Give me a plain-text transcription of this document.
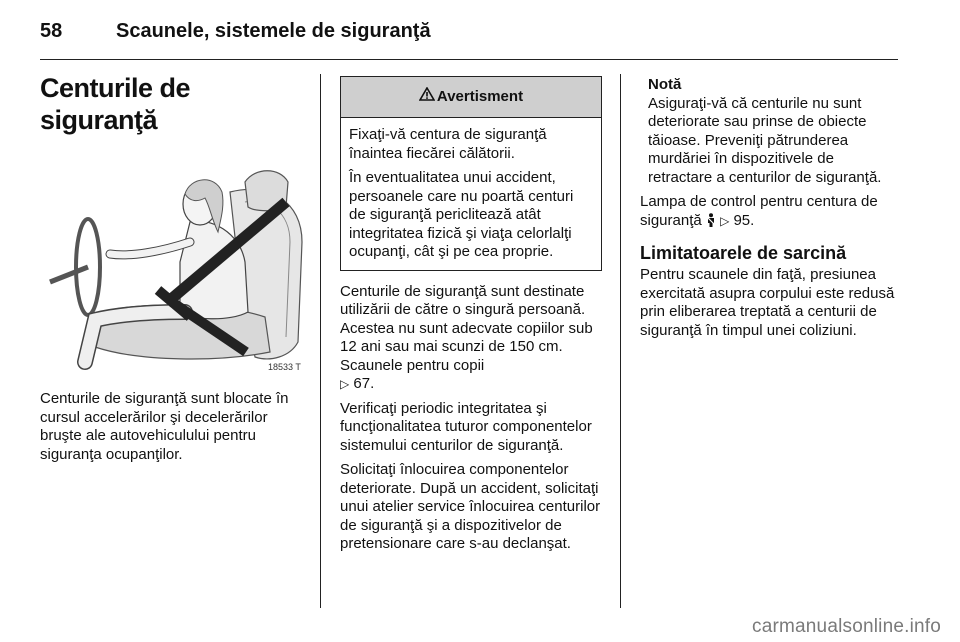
58	Scaunele, sistemele de siguranţă
Centurile de siguranţă
18533 T

Centurile de siguranţă sunt blocate în cursul accelerărilor şi decelerărilor bruşte ale autovehiculului pentru siguranţa ocupanţilor.

Avertisment

Fixaţi-vă centura de siguranţă înaintea fiecărei călătorii.

În eventualitatea unui accident, persoanele care nu poartă centuri de siguranţă periclitează atât integritatea fizică şi viaţa celorlalţi ocupanţi, cât şi pe cea proprie.

Centurile de siguranţă sunt destinate utilizării de către o singură persoană. Acestea nu sunt adecvate copiilor sub 12 ani sau mai scunzi de 150 cm. Scaunele pentru copii
▷ 67.

Verificaţi periodic integritatea şi funcţionalitatea tuturor componentelor sistemului centurilor de siguranţă.

Solicitaţi înlocuirea componentelor deteriorate. După un accident, solicitaţi unui atelier service înlocuirea centurilor de siguranţă şi a dispozitivelor de pretensionare care s-au declanşat.

Notă
Asiguraţi-vă că centurile nu sunt deteriorate sau prinse de obiecte tăioase. Preveniţi pătrunderea murdăriei în dispozitivele de retractare a centurilor de siguranţă.

Lampa de control pentru centura de siguranţă ▷ 95.

Limitatoarele de sarcină
Pentru scaunele din faţă, presiunea exercitată asupra corpului este redusă prin eliberarea treptată a centurii de siguranţă în timpul unei coliziuni.
carmanualsonline.info
